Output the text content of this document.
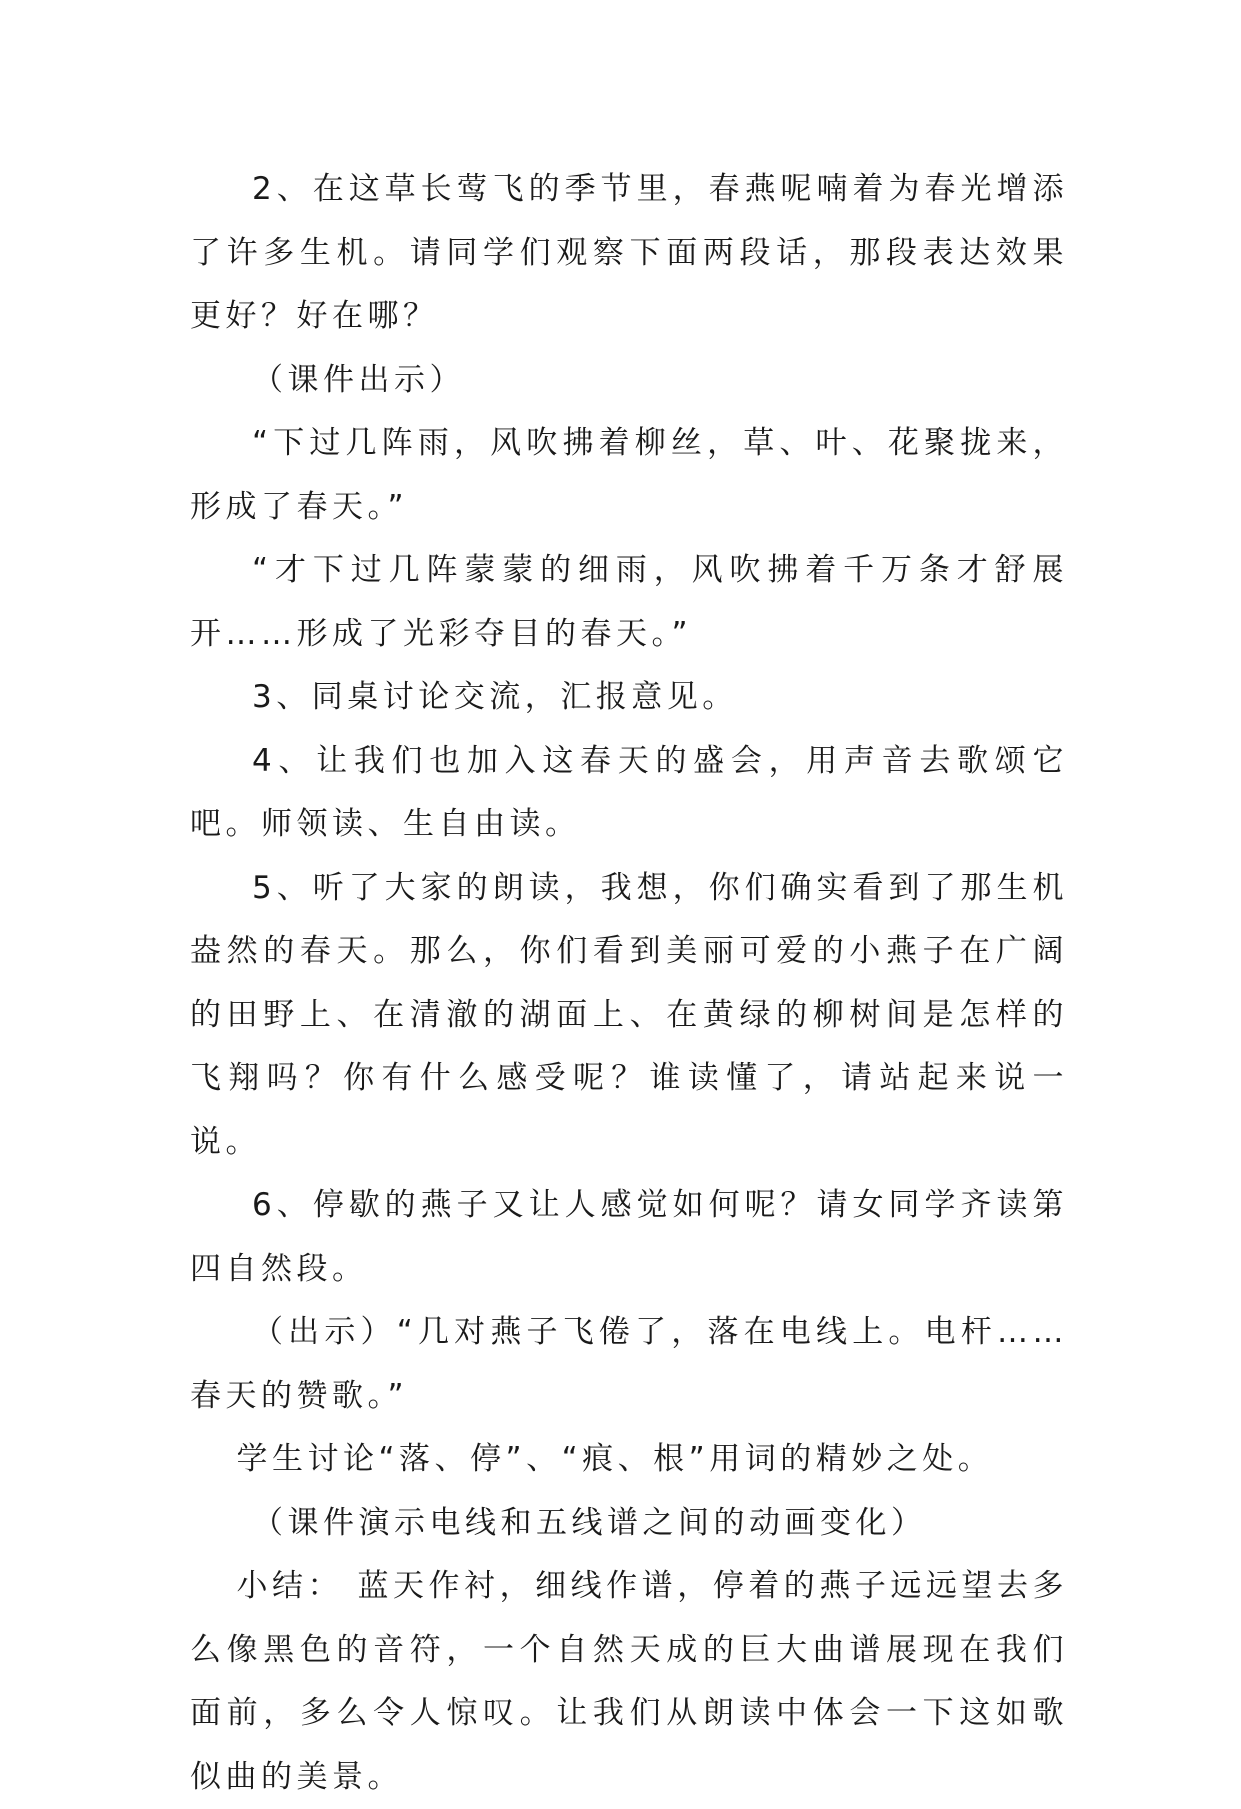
2、在这草长莺飞的季节里，春燕呢喃着为春光增添了许多生机。请同学们观察下面两段话，那段表达效果更好？好在哪？

（课件出示）

“下过几阵雨，风吹拂着柳丝，草、叶、花聚拢来，形成了春天。”

“才下过几阵蒙蒙的细雨，风吹拂着千万条才舒展开……形成了光彩夺目的春天。”

3、同桌讨论交流，汇报意见。

4、让我们也加入这春天的盛会，用声音去歌颂它吧。师领读、生自由读。

5、听了大家的朗读，我想，你们确实看到了那生机盎然的春天。那么，你们看到美丽可爱的小燕子在广阔的田野上、在清澈的湖面上、在黄绿的柳树间是怎样的飞翔吗？你有什么感受呢？谁读懂了，请站起来说一说。

6、停歇的燕子又让人感觉如何呢？请女同学齐读第四自然段。

（出示）“几对燕子飞倦了，落在电线上。电杆……春天的赞歌。”

学生讨论“落、停”、“痕、根”用词的精妙之处。

（课件演示电线和五线谱之间的动画变化）

小结： 蓝天作衬，细线作谱，停着的燕子远远望去多么像黑色的音符，一个自然天成的巨大曲谱展现在我们面前，多么令人惊叹。让我们从朗读中体会一下这如歌似曲的美景。
